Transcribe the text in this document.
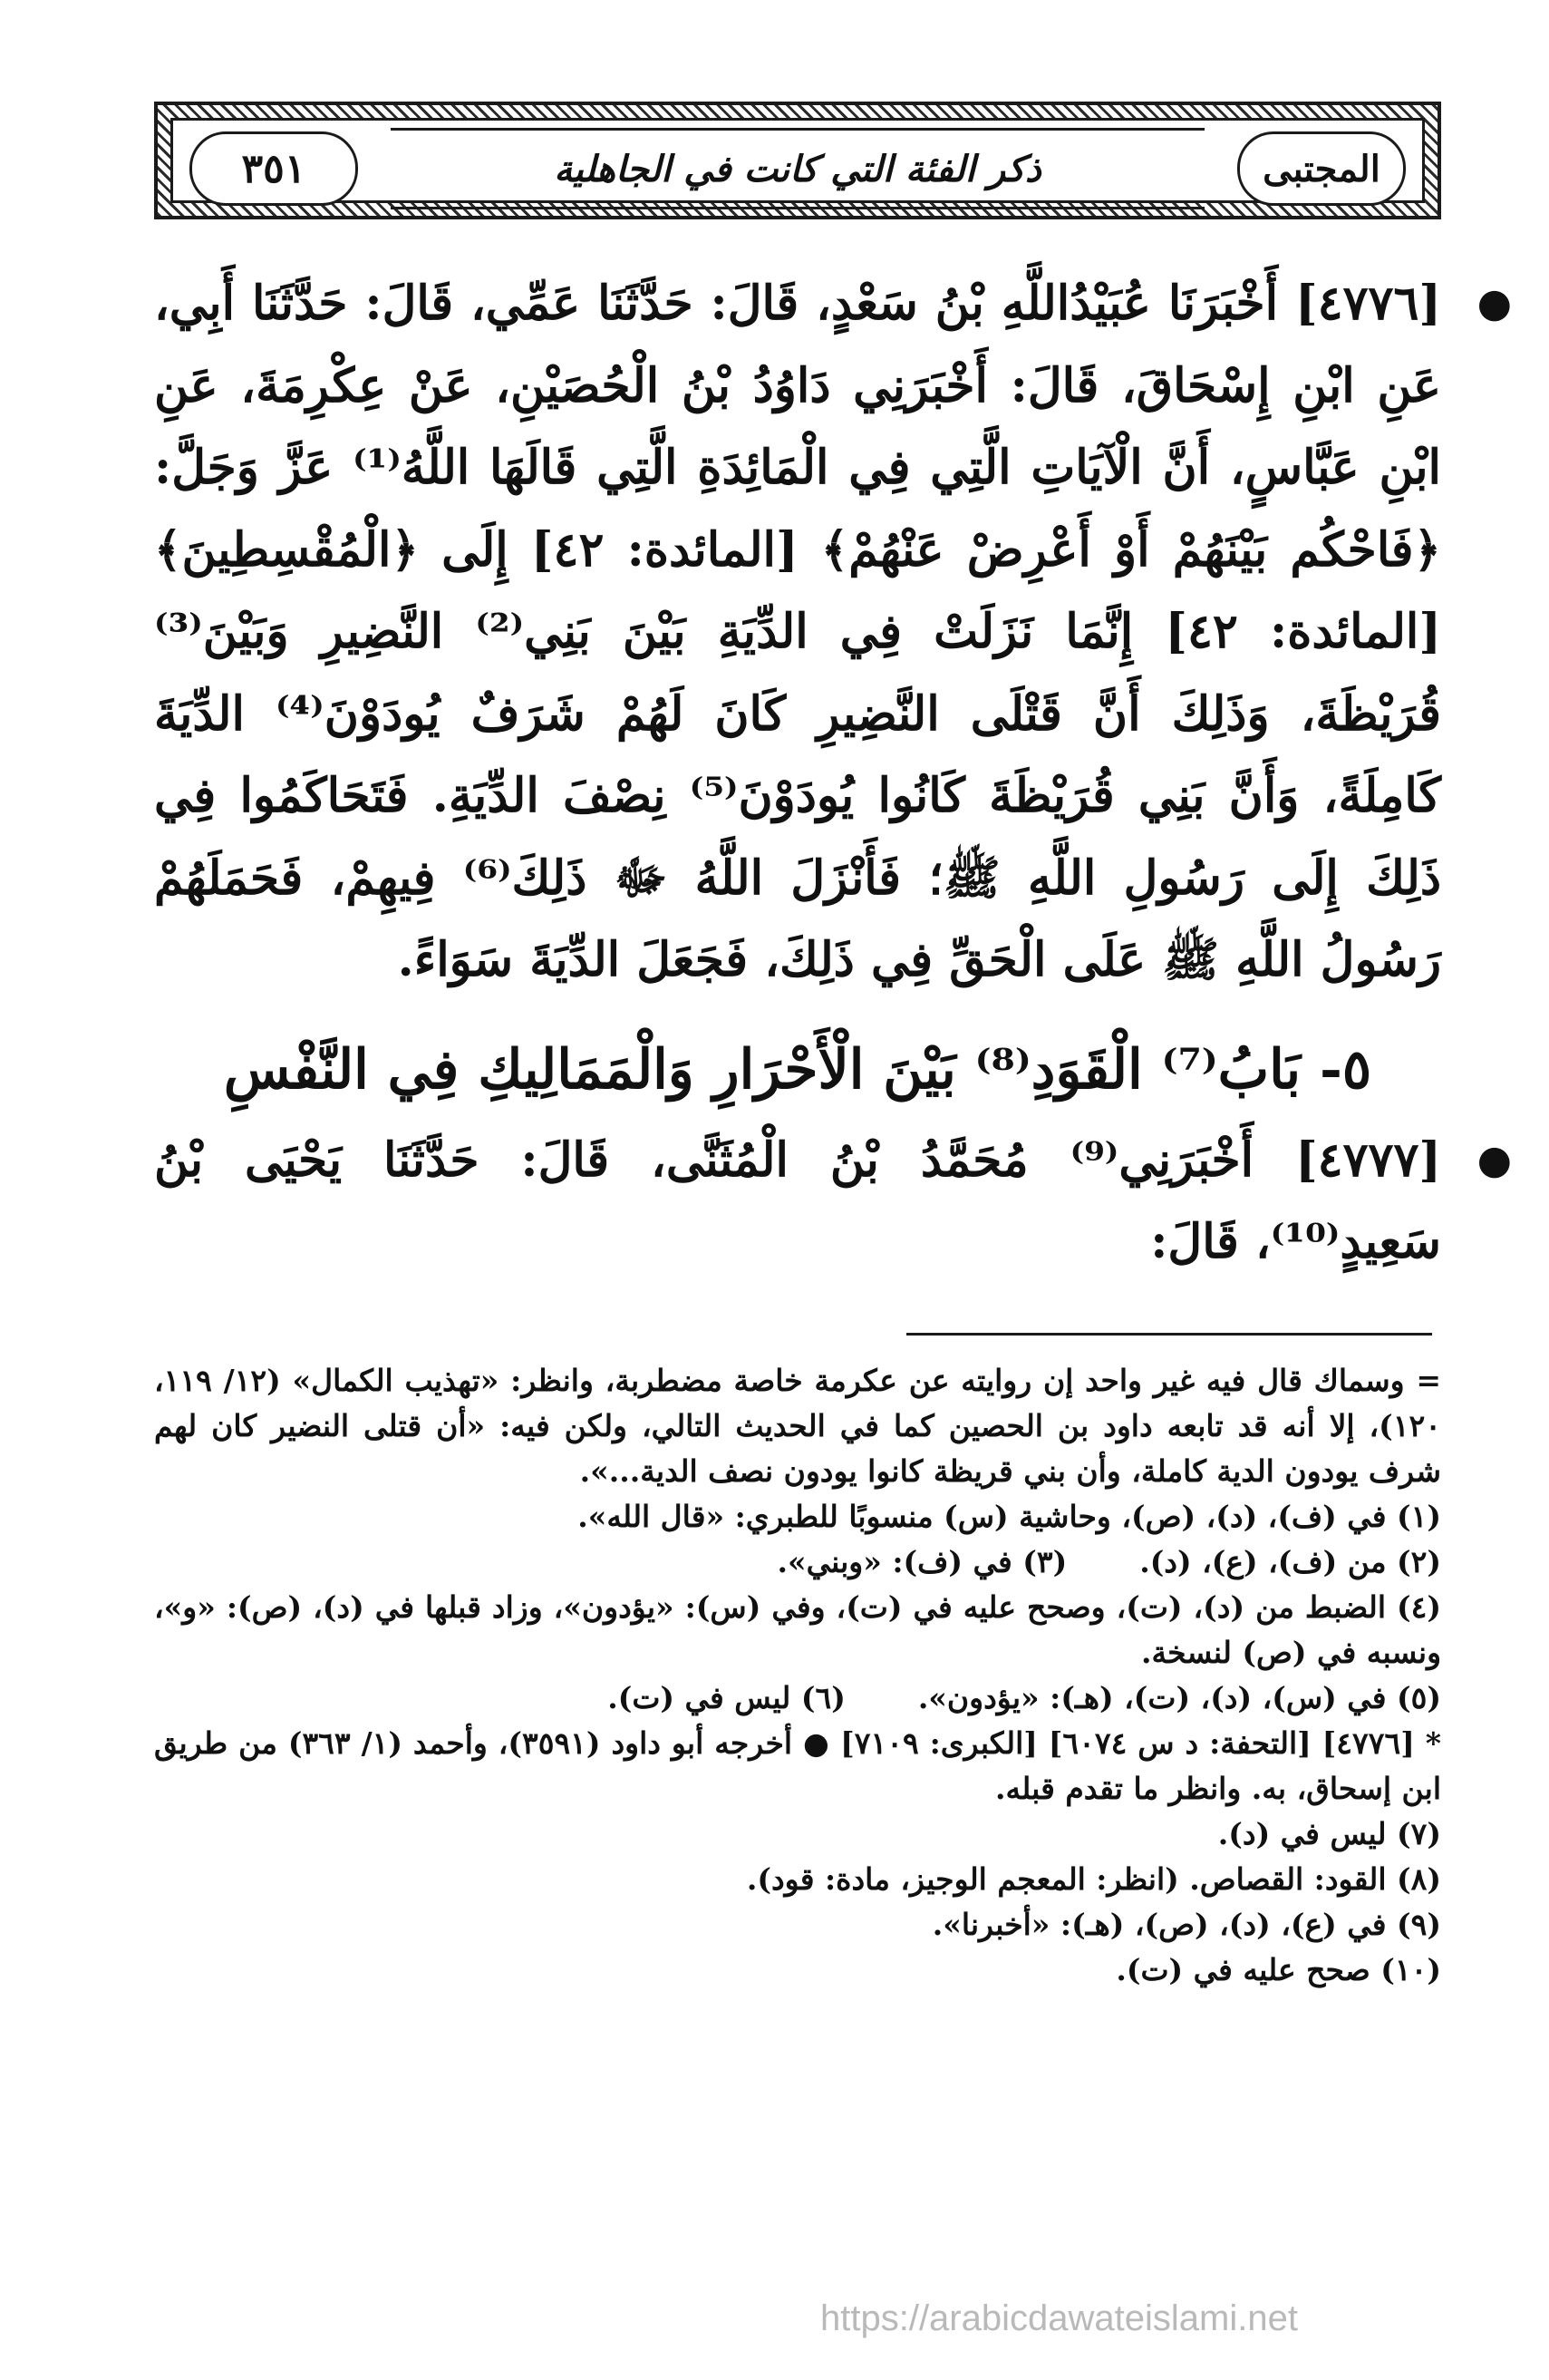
٣٥١	ذكر الفئة التي كانت في الجاهلية	المجتبى

●
[٤٧٧٦] أَخْبَرَنَا عُبَيْدُاللَّهِ بْنُ سَعْدٍ، قَالَ: حَدَّثَنَا عَمِّي، قَالَ: حَدَّثَنَا أَبِي، عَنِ ابْنِ إِسْحَاقَ، قَالَ: أَخْبَرَنِي دَاوُدُ بْنُ الْحُصَيْنِ، عَنْ عِكْرِمَةَ، عَنِ ابْنِ عَبَّاسٍ، أَنَّ الْآيَاتِ الَّتِي فِي الْمَائِدَةِ الَّتِي قَالَهَا اللَّهُ⁽¹⁾ عَزَّ وَجَلَّ: ﴿فَاحْكُم بَيْنَهُمْ أَوْ أَعْرِضْ عَنْهُمْ﴾ [المائدة: ٤٢] إِلَى ﴿الْمُقْسِطِينَ﴾ [المائدة: ٤٢] إِنَّمَا نَزَلَتْ فِي الدِّيَةِ بَيْنَ بَنِي⁽²⁾ النَّضِيرِ وَبَيْنَ⁽³⁾ قُرَيْظَةَ، وَذَلِكَ أَنَّ قَتْلَى النَّضِيرِ كَانَ لَهُمْ شَرَفٌ يُودَوْنَ⁽⁴⁾ الدِّيَةَ كَامِلَةً، وَأَنَّ بَنِي قُرَيْظَةَ كَانُوا يُودَوْنَ⁽⁵⁾ نِصْفَ الدِّيَةِ. فَتَحَاكَمُوا فِي ذَلِكَ إِلَى رَسُولِ اللَّهِ ﷺ؛ فَأَنْزَلَ اللَّهُ ﷻ ذَلِكَ⁽⁶⁾ فِيهِمْ، فَحَمَلَهُمْ رَسُولُ اللَّهِ ﷺ عَلَى الْحَقِّ فِي ذَلِكَ، فَجَعَلَ الدِّيَةَ سَوَاءً.

٥- بَابُ⁽⁷⁾ الْقَوَدِ⁽⁸⁾ بَيْنَ الْأَحْرَارِ وَالْمَمَالِيكِ فِي النَّفْسِ

●
[٤٧٧٧] أَخْبَرَنِي⁽⁹⁾ مُحَمَّدُ بْنُ الْمُثَنَّى، قَالَ: حَدَّثَنَا يَحْيَى بْنُ سَعِيدٍ⁽¹⁰⁾، قَالَ:

= وسماك قال فيه غير واحد إن روايته عن عكرمة خاصة مضطربة، وانظر: «تهذيب الكمال» (١٢/ ١١٩، ١٢٠)، إلا أنه قد تابعه داود بن الحصين كما في الحديث التالي، ولكن فيه: «أن قتلى النضير كان لهم شرف يودون الدية كاملة، وأن بني قريظة كانوا يودون نصف الدية...».

(١) في (ف)، (د)، (ص)، وحاشية (س) منسوبًا للطبري: «قال الله».

(٢) من (ف)، (ع)، (د).
(٣) في (ف): «وبني».

(٤) الضبط من (د)، (ت)، وصحح عليه في (ت)، وفي (س): «يؤدون»، وزاد قبلها في (د)، (ص): «و»، ونسبه في (ص) لنسخة.

(٥) في (س)، (د)، (ت)، (هـ): «يؤدون».
(٦) ليس في (ت).

* [٤٧٧٦] [التحفة: د س ٦٠٧٤] [الكبرى: ٧١٠٩] ● أخرجه أبو داود (٣٥٩١)، وأحمد (١/ ٣٦٣) من طريق ابن إسحاق، به. وانظر ما تقدم قبله.

(٧) ليس في (د).

(٨) القود: القصاص. (انظر: المعجم الوجيز، مادة: قود).

(٩) في (ع)، (د)، (ص)، (هـ): «أخبرنا».

(١٠) صحح عليه في (ت).

https://arabicdawateislami.net
